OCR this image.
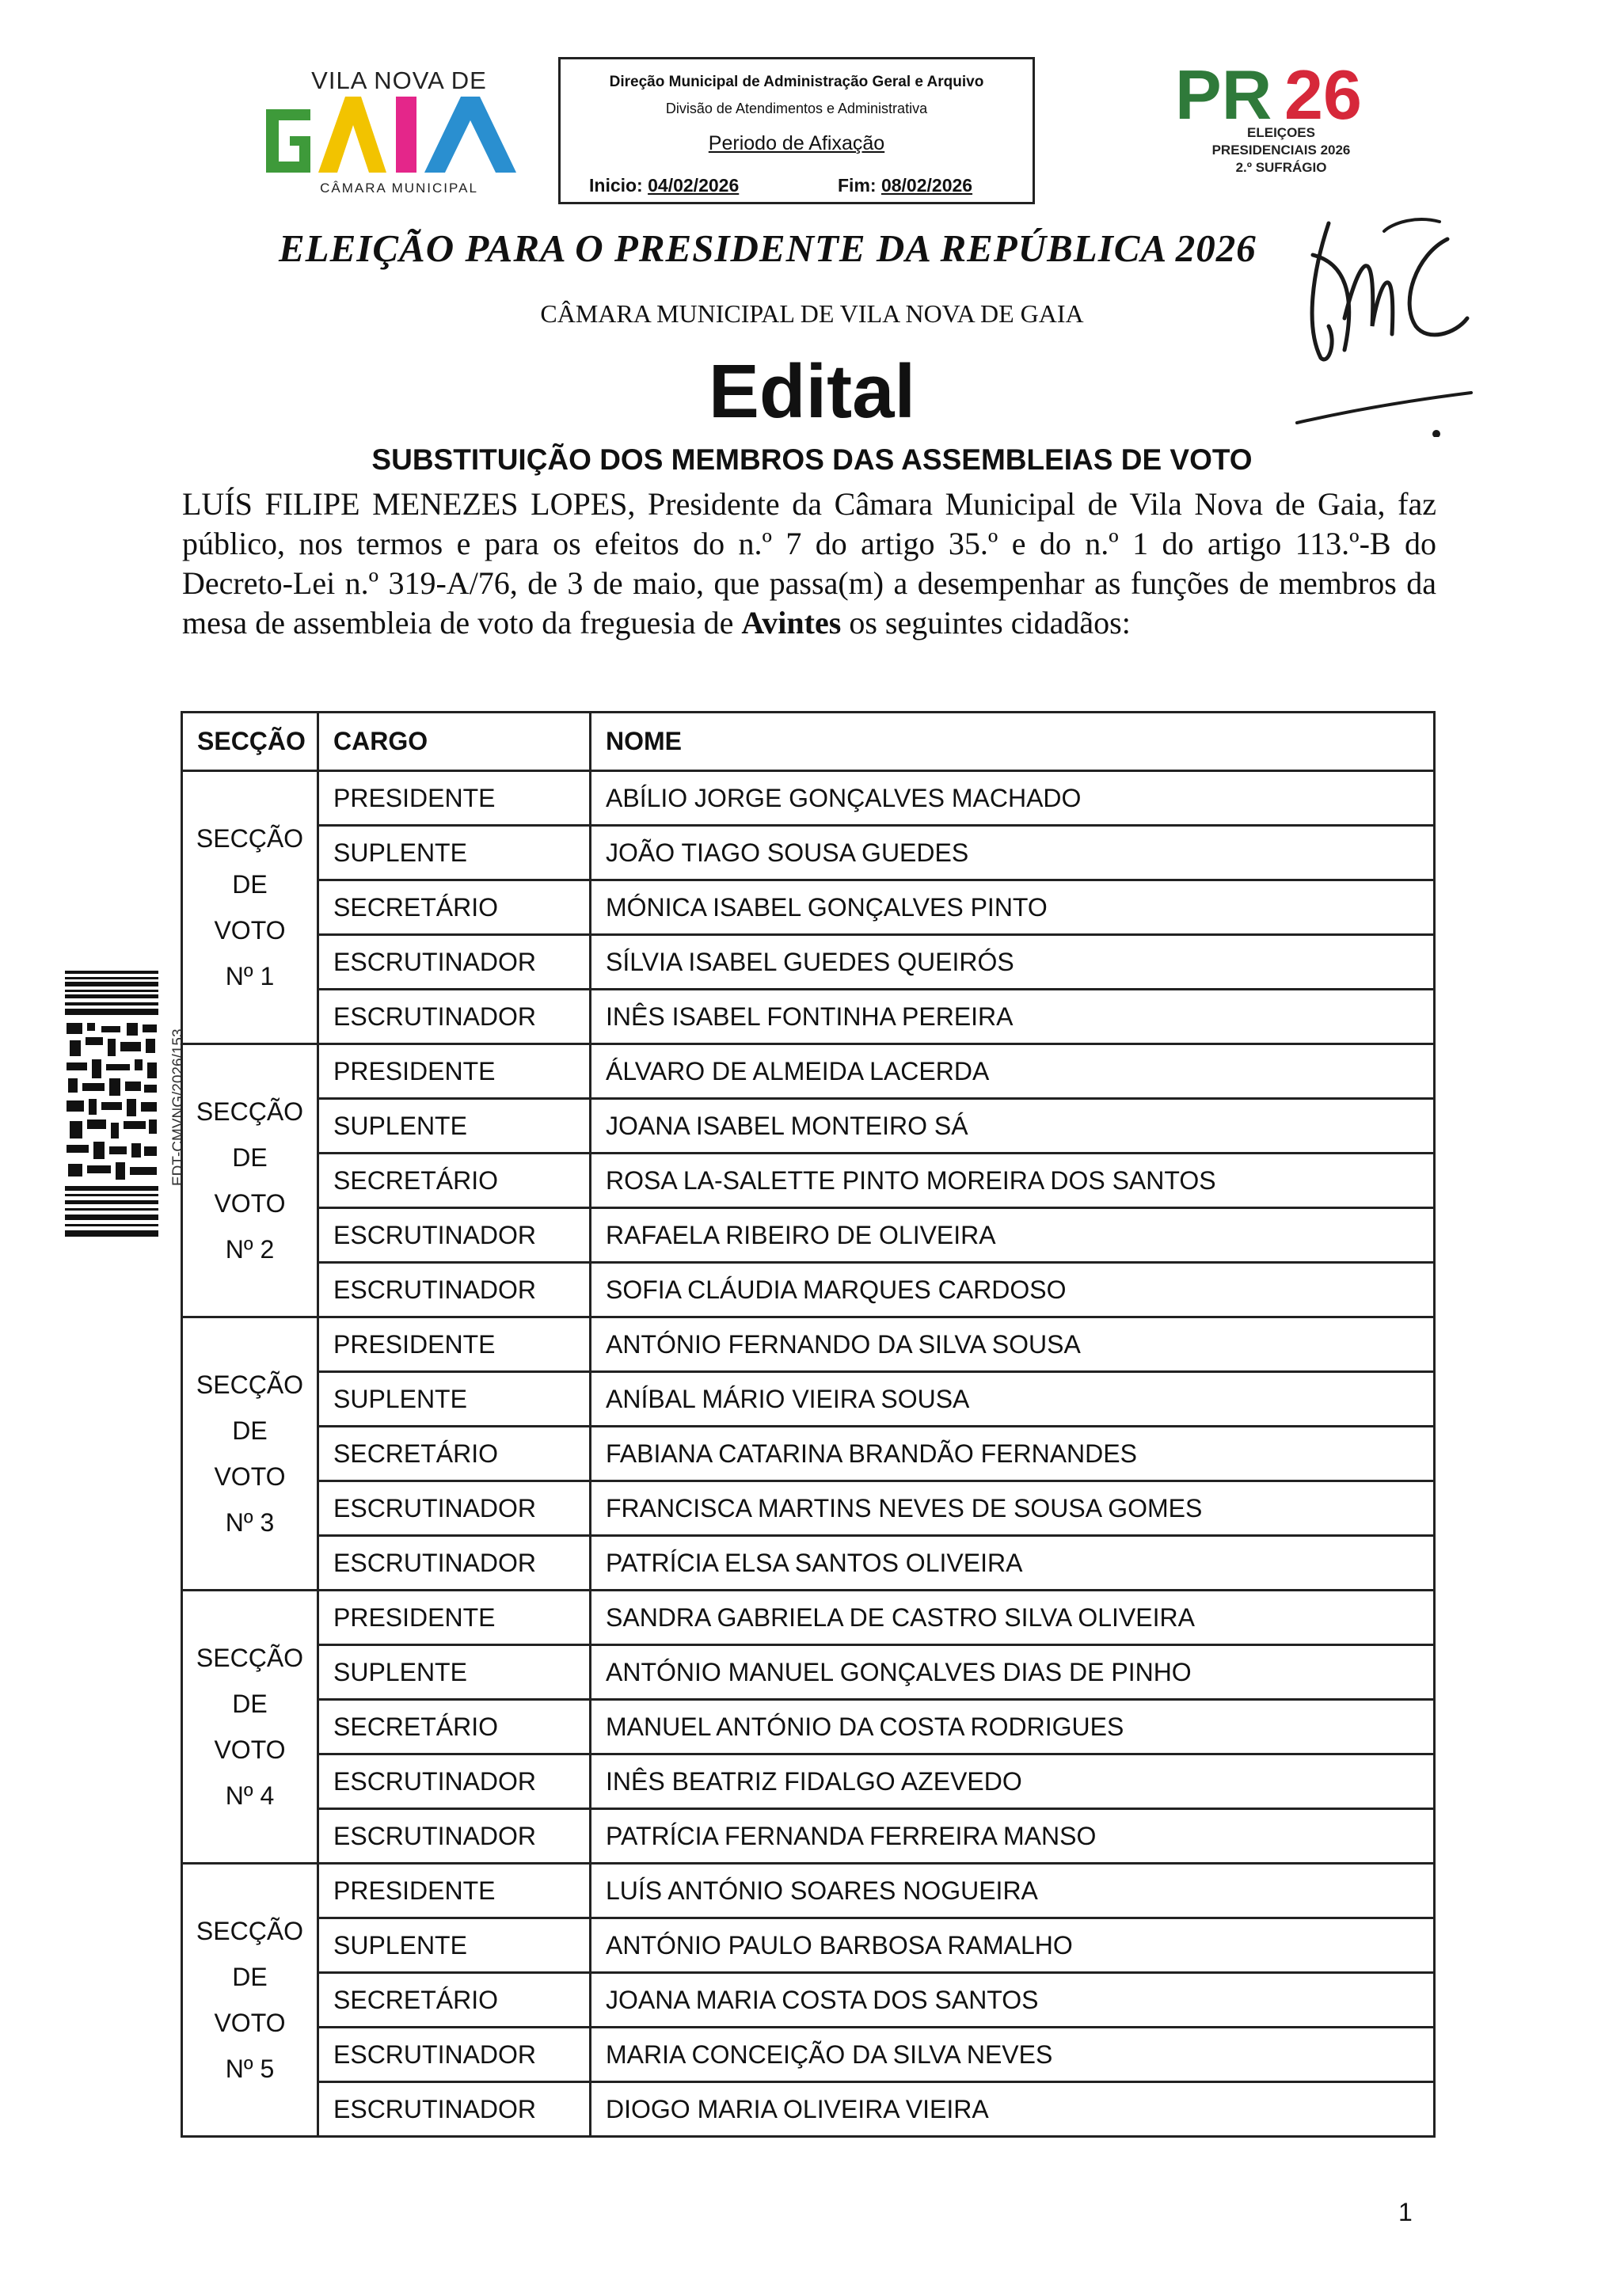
VILA NOVA DE
CÂMARA MUNICIPAL
Direção Municipal de Administração Geral e Arquivo
Divisão de Atendimentos e Administrativa
Periodo de Afixação
Inicio: 04/02/2026	Fim: 08/02/2026
PR 26
ELEIÇOES
PRESIDENCIAIS 2026
2.º SUFRÁGIO
ELEIÇÃO PARA O PRESIDENTE DA REPÚBLICA 2026
CÂMARA MUNICIPAL DE VILA NOVA DE GAIA
Edital
SUBSTITUIÇÃO DOS MEMBROS DAS ASSEMBLEIAS DE VOTO
LUÍS FILIPE MENEZES LOPES, Presidente da Câmara Municipal de Vila Nova de Gaia, faz público, nos termos e para os efeitos do n.º 7 do artigo 35.º e do n.º 1 do artigo 113.º-B do Decreto-Lei n.º 319-A/76, de 3 de maio, que passa(m) a desempenhar as funções de membros da mesa de assembleia de voto da freguesia de Avintes os seguintes cidadãos:
EDT-CMVNG/2026/153
SECÇÃO	CARGO	NOME

SECÇÃO
DE
VOTO
Nº 1	PRESIDENTE	ABÍLIO JORGE GONÇALVES MACHADO
	SUPLENTE	JOÃO TIAGO SOUSA GUEDES
	SECRETÁRIO	MÓNICA ISABEL GONÇALVES PINTO
	ESCRUTINADOR	SÍLVIA ISABEL GUEDES QUEIRÓS
	ESCRUTINADOR	INÊS ISABEL FONTINHA PEREIRA

SECÇÃO
DE
VOTO
Nº 2	PRESIDENTE	ÁLVARO DE ALMEIDA LACERDA
	SUPLENTE	JOANA ISABEL MONTEIRO SÁ
	SECRETÁRIO	ROSA LA-SALETTE PINTO MOREIRA DOS SANTOS
	ESCRUTINADOR	RAFAELA RIBEIRO DE OLIVEIRA
	ESCRUTINADOR	SOFIA CLÁUDIA MARQUES CARDOSO

SECÇÃO
DE
VOTO
Nº 3	PRESIDENTE	ANTÓNIO FERNANDO DA SILVA SOUSA
	SUPLENTE	ANÍBAL MÁRIO VIEIRA SOUSA
	SECRETÁRIO	FABIANA CATARINA BRANDÃO FERNANDES
	ESCRUTINADOR	FRANCISCA MARTINS NEVES DE SOUSA GOMES
	ESCRUTINADOR	PATRÍCIA ELSA SANTOS OLIVEIRA

SECÇÃO
DE
VOTO
Nº 4	PRESIDENTE	SANDRA GABRIELA DE CASTRO SILVA OLIVEIRA
	SUPLENTE	ANTÓNIO MANUEL GONÇALVES DIAS DE PINHO
	SECRETÁRIO	MANUEL ANTÓNIO DA COSTA RODRIGUES
	ESCRUTINADOR	INÊS BEATRIZ FIDALGO AZEVEDO
	ESCRUTINADOR	PATRÍCIA FERNANDA FERREIRA MANSO

SECÇÃO
DE
VOTO
Nº 5	PRESIDENTE	LUÍS ANTÓNIO SOARES NOGUEIRA
	SUPLENTE	ANTÓNIO PAULO BARBOSA RAMALHO
	SECRETÁRIO	JOANA MARIA COSTA DOS SANTOS
	ESCRUTINADOR	MARIA CONCEIÇÃO DA SILVA NEVES
	ESCRUTINADOR	DIOGO MARIA OLIVEIRA VIEIRA
1
